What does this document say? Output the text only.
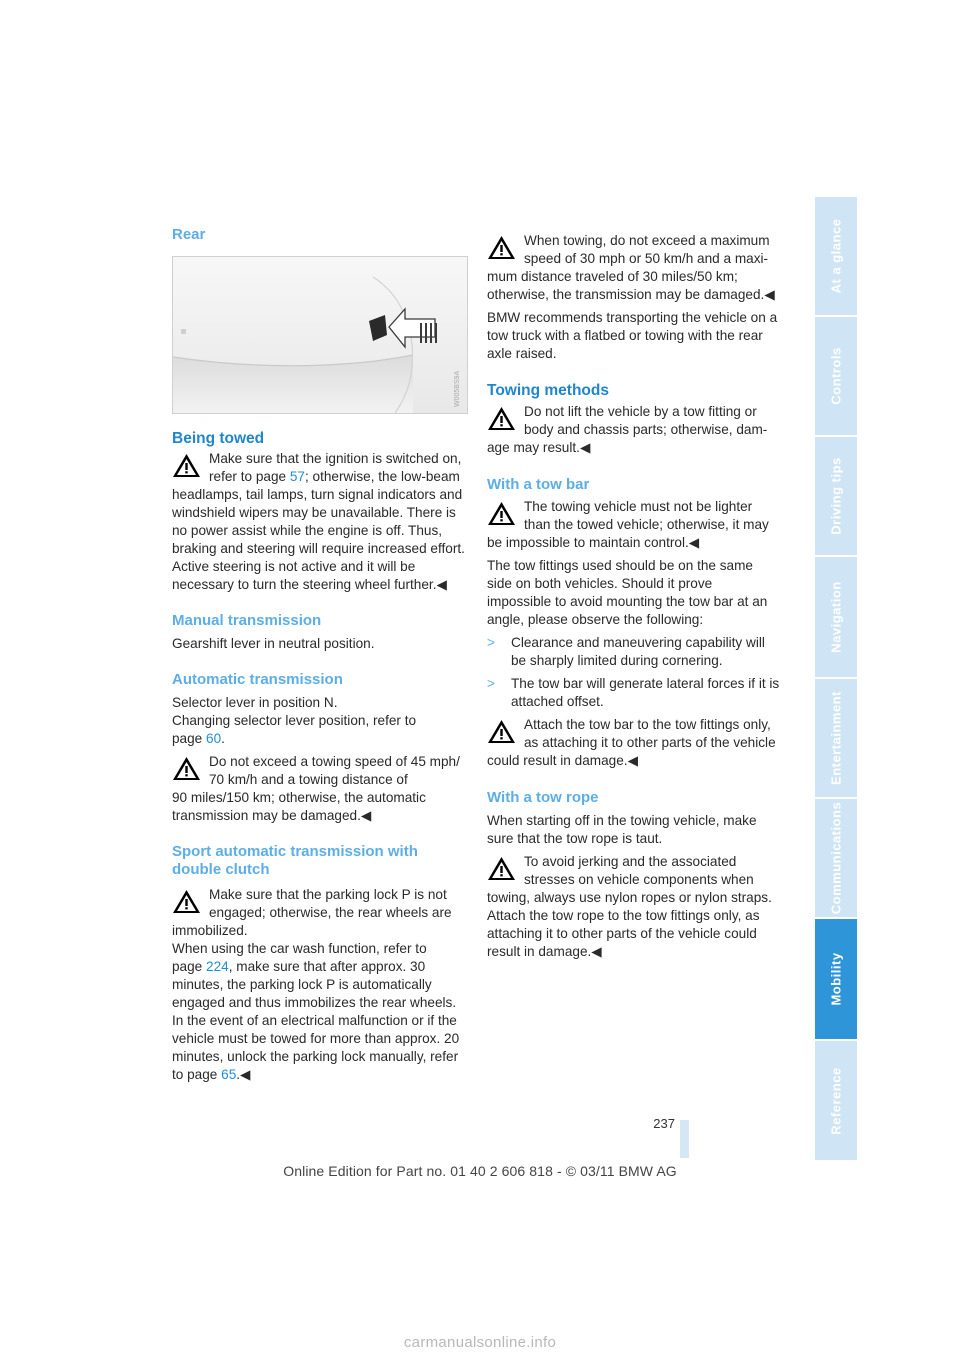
Rear
W005BS9A
Being towed

Make sure that the ignition is switched on,

refer to page 57; otherwise, the low-beam

headlamps, tail lamps, turn signal indicators and windshield wipers may be unavailable. There is no power assist while the engine is off. Thus, braking and steering will require increased effort. Active steering is not active and it will be necessary to turn the steering wheel further.◀

Manual transmission

Gearshift lever in neutral position.

Automatic transmission

Selector lever in position N.

Changing selector lever position, refer to

page 60.

Do not exceed a towing speed of 45 mph/

70 km/h and a towing distance of

90 miles/150 km; otherwise, the automatic transmission may be damaged.◀

Sport automatic transmission with
double clutch

Make sure that the parking lock P is not

engaged; otherwise, the rear wheels are

immobilized.

When using the car wash function, refer to

page 224, make sure that after approx. 30 minutes, the parking lock P is automatically engaged and thus immobilizes the rear wheels. In the event of an electrical malfunction or if the vehicle must be towed for more than approx. 20 minutes, unlock the parking lock manually, refer to page 65.◀

When towing, do not exceed a maximum

speed of 30 mph or 50 km/h and a maxi-

mum distance traveled of 30 miles/50 km; otherwise, the transmission may be damaged.◀

BMW recommends transporting the vehicle on a tow truck with a flatbed or towing with the rear axle raised.

Towing methods

Do not lift the vehicle by a tow fitting or

body and chassis parts; otherwise, dam-

age may result.◀

With a tow bar

The towing vehicle must not be lighter

than the towed vehicle; otherwise, it may

be impossible to maintain control.◀

The tow fittings used should be on the same side on both vehicles. Should it prove impossible to avoid mounting the tow bar at an angle, please observe the following:

> Clearance and maneuvering capability will be sharply limited during cornering.

> The tow bar will generate lateral forces if it is attached offset.

Attach the tow bar to the tow fittings only,

as attaching it to other parts of the vehicle

could result in damage.◀

With a tow rope

When starting off in the towing vehicle, make sure that the tow rope is taut.

To avoid jerking and the associated

stresses on vehicle components when

towing, always use nylon ropes or nylon straps. Attach the tow rope to the tow fittings only, as attaching it to other parts of the vehicle could result in damage.◀

At a glance
Controls
Driving tips
Navigation
Entertainment
Communications
Mobility
Reference
237
Online Edition for Part no. 01 40 2 606 818 - © 03/11 BMW AG
carmanualsonline.info
